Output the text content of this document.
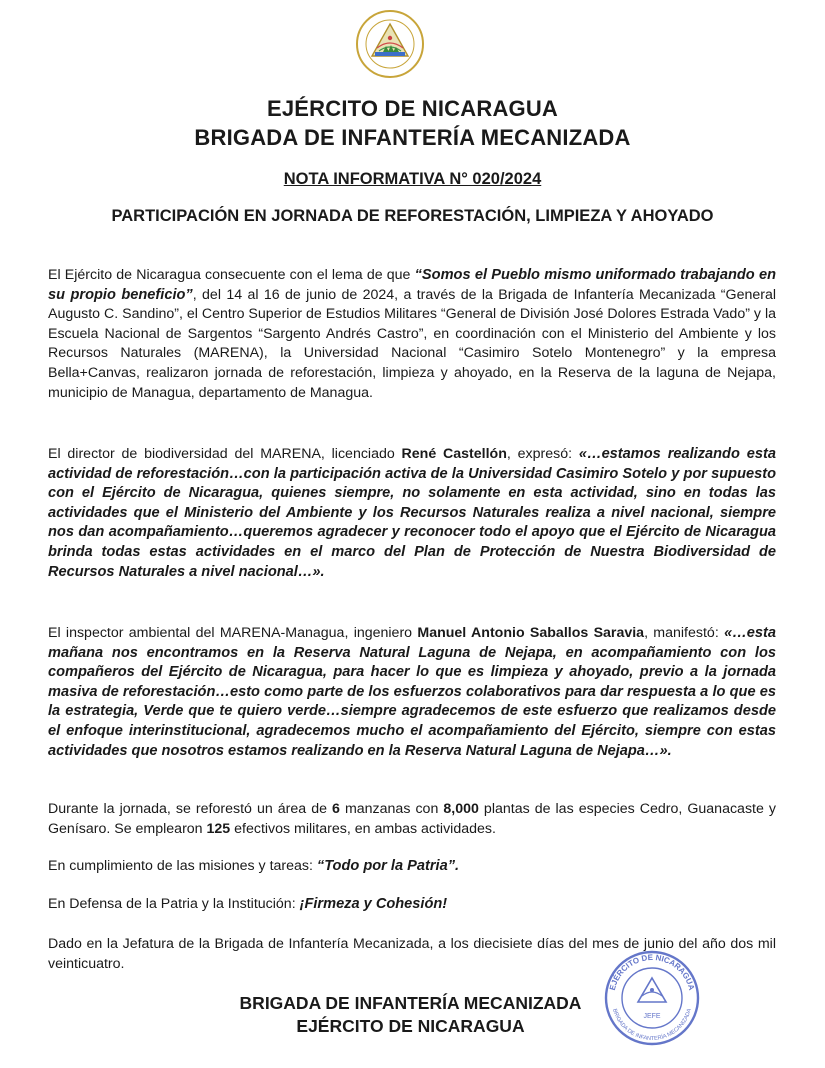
EJÉRCITO DE NICARAGUA
BRIGADA DE INFANTERÍA MECANIZADA
NOTA INFORMATIVA N° 020/2024
PARTICIPACIÓN EN JORNADA DE REFORESTACIÓN, LIMPIEZA Y AHOYADO
El Ejército de Nicaragua consecuente con el lema de que “Somos el Pueblo mismo uniformado trabajando en su propio beneficio”, del 14 al 16 de junio de 2024, a través de la Brigada de Infantería Mecanizada “General Augusto C. Sandino”, el Centro Superior de Estudios Militares “General de División José Dolores Estrada Vado” y la Escuela Nacional de Sargentos “Sargento Andrés Castro”, en coordinación con el Ministerio del Ambiente y los Recursos Naturales (MARENA), la Universidad Nacional “Casimiro Sotelo Montenegro” y la empresa Bella+Canvas, realizaron jornada de reforestación, limpieza y ahoyado, en la Reserva de la laguna de Nejapa, municipio de Managua, departamento de Managua.
El director de biodiversidad del MARENA, licenciado René Castellón, expresó: «…estamos realizando esta actividad de reforestación…con la participación activa de la Universidad Casimiro Sotelo y por supuesto con el Ejército de Nicaragua, quienes siempre, no solamente en esta actividad, sino en todas las actividades que el Ministerio del Ambiente y los Recursos Naturales realiza a nivel nacional, siempre nos dan acompañamiento…queremos agradecer y reconocer todo el apoyo que el Ejército de Nicaragua brinda todas estas actividades en el marco del Plan de Protección de Nuestra Biodiversidad de Recursos Naturales a nivel nacional…».
El inspector ambiental del MARENA-Managua, ingeniero Manuel Antonio Saballos Saravia, manifestó: «…esta mañana nos encontramos en la Reserva Natural Laguna de Nejapa, en acompañamiento con los compañeros del Ejército de Nicaragua, para hacer lo que es limpieza y ahoyado, previo a la jornada masiva de reforestación…esto como parte de los esfuerzos colaborativos para dar respuesta a lo que es la estrategia, Verde que te quiero verde…siempre agradecemos de este esfuerzo que realizamos desde el enfoque interinstitucional, agradecemos mucho el acompañamiento del Ejército, siempre con estas actividades que nosotros estamos realizando en la Reserva Natural Laguna de Nejapa…».
Durante la jornada, se reforestó un área de 6 manzanas con 8,000 plantas de las especies Cedro, Guanacaste y Genísaro. Se emplearon 125 efectivos militares, en ambas actividades.
En cumplimiento de las misiones y tareas: “Todo por la Patria”.
En Defensa de la Patria y la Institución: ¡Firmeza y Cohesión!
Dado en la Jefatura de la Brigada de Infantería Mecanizada, a los diecisiete días del mes de junio del año dos mil veinticuatro.
BRIGADA DE INFANTERÍA MECANIZADA
EJÉRCITO DE NICARAGUA	JEFE
EJÉRCITO DE NICARAGUA
BRIGADA DE INFANTERÍA MECANIZADA
